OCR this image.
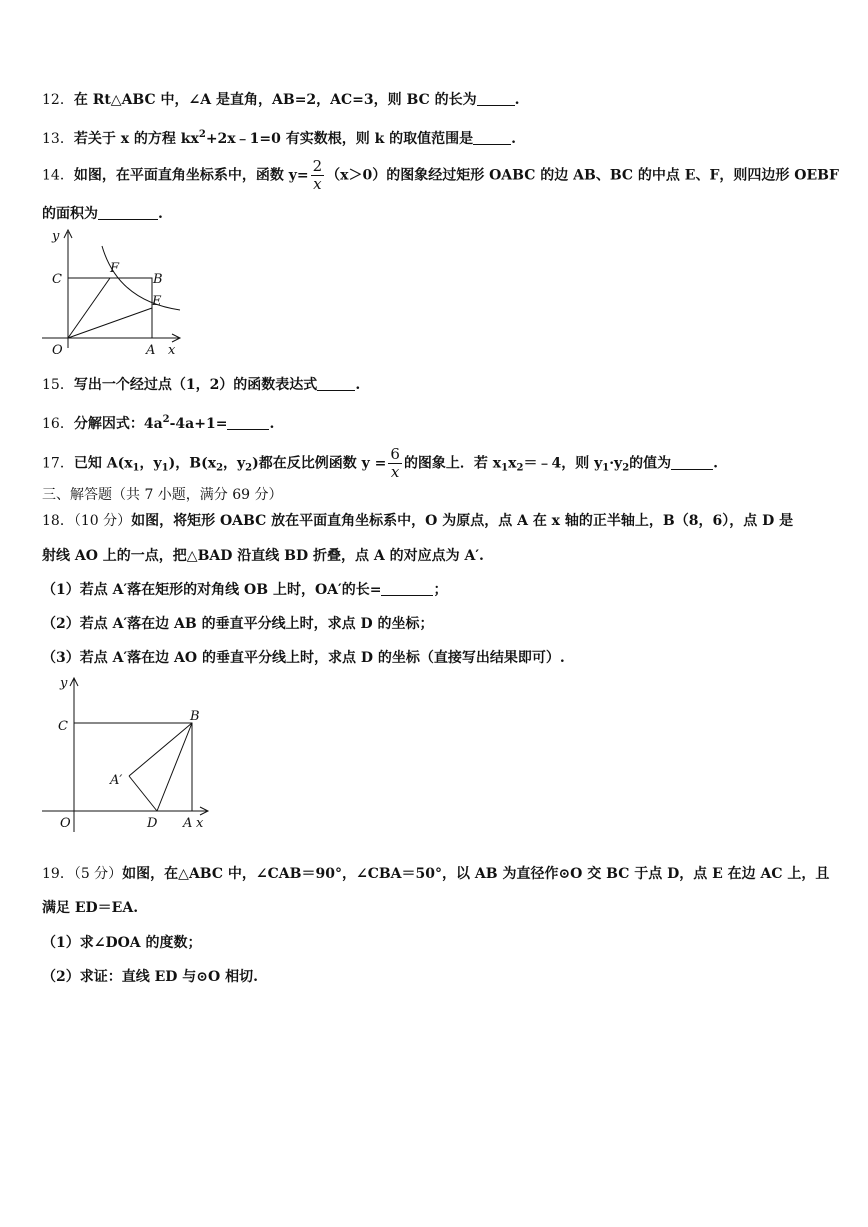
12．在 Rt△ABC 中，∠A 是直角，AB=2，AC=3，则 BC 的长为	.
13．若关于 x 的方程 $kx^2+2x﹣1=0$ 有实数根，则 k 的取值范围是	.
14．如图，在平面直角坐标系中，函数 $y= \frac{2}{x} (x>0)$的图象经过矩形 OABC 的边 AB、BC 的中点 E、F，则四边形 OEBF
的面积为	.
y
x
O
C
F
B
E
A
15．写出一个经过点（1，2）的函数表达式	.
16．分解因式：$4a^2-4a+1=$	.
17．已知 $A(x_1$，$y_1$)，$B(x_2$，$y_2$)都在反比例函数 $y = \frac{6}{x}$ 的图象上．若 $x_1x_2=﹣4$，则 $y_1\cdot y_2$的值为	.
三、解答题（共 7 小题，满分 69 分）
18．（10 分）如图，将矩形 OABC 放在平面直角坐标系中，O 为原点，点 A 在 x 轴的正半轴上，B（8，6），点 D 是
射线 AO 上的一点，把△BAD 沿直线 BD 折叠，点 A 的对应点为 A′.
（1）若点 A′落在矩形的对角线 OB 上时，OA′的长=	；
（2）若点 A′落在边 AB 的垂直平分线上时，求点 D 的坐标；
（3）若点 A′落在边 AO 的垂直平分线上时，求点 D 的坐标（直接写出结果即可）.
y
x
O
C
B
A′
D A
19．（5 分）如图，在△ABC 中，∠CAB＝90°，∠CBA＝50°，以 AB 为直径作⊙O 交 BC 于点 D，点 E 在边 AC 上，且
满足 ED＝EA.
（1）求∠DOA 的度数；
（2）求证：直线 ED 与⊙O 相切.
